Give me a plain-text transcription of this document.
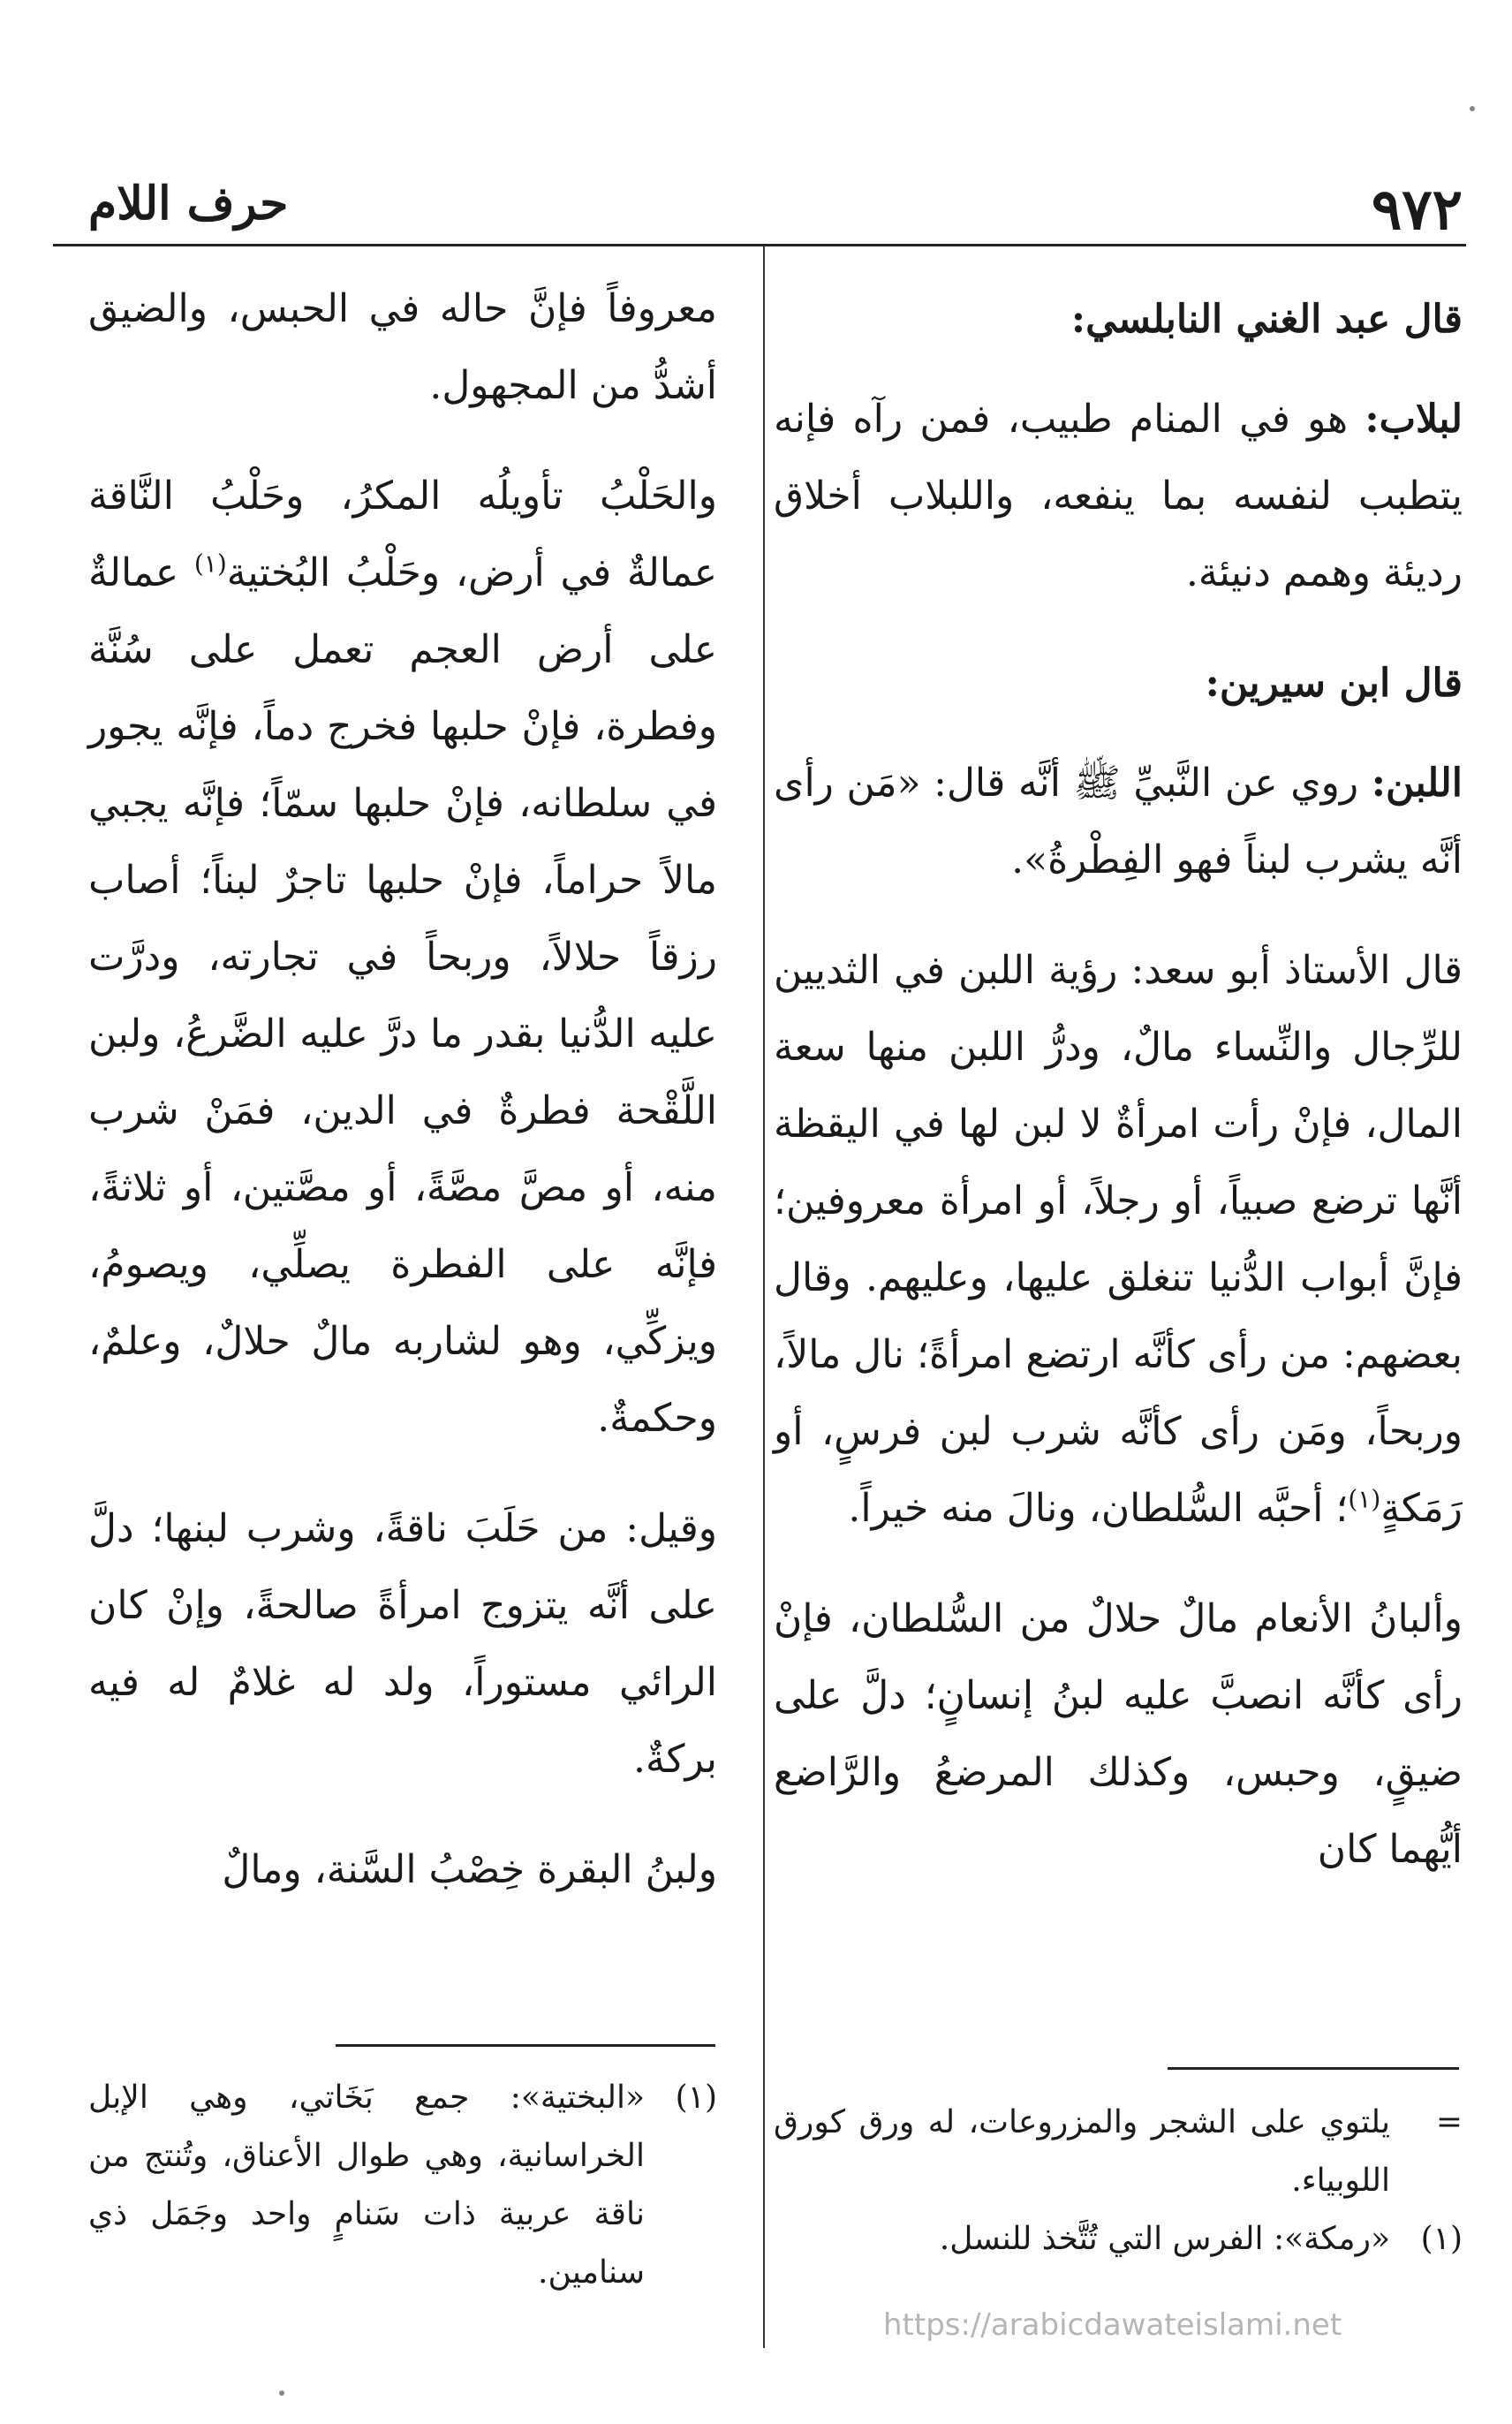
٩٧٢
حرف اللام

قال عبد الغني النابلسي:

لبلاب: هو في المنام طبيب، فمن رآه فإنه يتطبب لنفسه بما ينفعه، واللبلاب أخلاق رديئة وهمم دنيئة.

قال ابن سيرين:

اللبن: روي عن النَّبيِّ ﷺ أنَّه قال: «مَن رأى أنَّه يشرب لبناً فهو الفِطْرةُ».

قال الأستاذ أبو سعد: رؤية اللبن في الثديين للرِّجال والنِّساء مالٌ، ودرُّ اللبن منها سعة المال، فإنْ رأت امرأةٌ لا لبن لها في اليقظة أنَّها ترضع صبياً، أو رجلاً، أو امرأة معروفين؛ فإنَّ أبواب الدُّنيا تنغلق عليها، وعليهم. وقال بعضهم: من رأى كأنَّه ارتضع امرأةً؛ نال مالاً، وربحاً، ومَن رأى كأنَّه شرب لبن فرسٍ، أو رَمَكةٍ$^{(١)}$؛ أحبَّه السُّلطان، ونالَ منه خيراً.

وألبانُ الأنعام مالٌ حلالٌ من السُّلطان، فإنْ رأى كأنَّه انصبَّ عليه لبنُ إنسانٍ؛ دلَّ على ضيقٍ، وحبس، وكذلك المرضعُ والرَّاضع أيُّهما كان

معروفاً فإنَّ حاله في الحبس، والضيق أشدُّ من المجهول.

والحَلْبُ تأويلُه المكرُ، وحَلْبُ النَّاقة عمالةٌ في أرض، وحَلْبُ البُختية$^{(١)}$ عمالةٌ على أرض العجم تعمل على سُنَّة وفطرة، فإنْ حلبها فخرج دماً، فإنَّه يجور في سلطانه، فإنْ حلبها سمّاً؛ فإنَّه يجبي مالاً حراماً، فإنْ حلبها تاجرٌ لبناً؛ أصاب رزقاً حلالاً، وربحاً في تجارته، ودرَّت عليه الدُّنيا بقدر ما درَّ عليه الضَّرعُ، ولبن اللَّقْحة فطرةٌ في الدين، فمَنْ شرب منه، أو مصَّ مصَّةً، أو مصَّتين، أو ثلاثةً، فإنَّه على الفطرة يصلِّي، ويصومُ، ويزكِّي، وهو لشاربه مالٌ حلالٌ، وعلمٌ، وحكمةٌ.

وقيل: من حَلَبَ ناقةً، وشرب لبنها؛ دلَّ على أنَّه يتزوج امرأةً صالحةً، وإنْ كان الرائي مستوراً، ولد له غلامٌ له فيه بركةٌ.

ولبنُ البقرة خِصْبُ السَّنة، ومالٌ

=
يلتوي على الشجر والمزروعات، له ورق كورق اللوبياء.
(١)
«رمكة»: الفرس التي تُتَّخذ للنسل.
(١)
«البختية»: جمع بَخَاتي، وهي الإبل الخراسانية، وهي طوال الأعناق، وتُنتج من ناقة عربية ذات سَنامٍ واحد وجَمَل ذي سنامين.
https://arabicdawateislami.net
